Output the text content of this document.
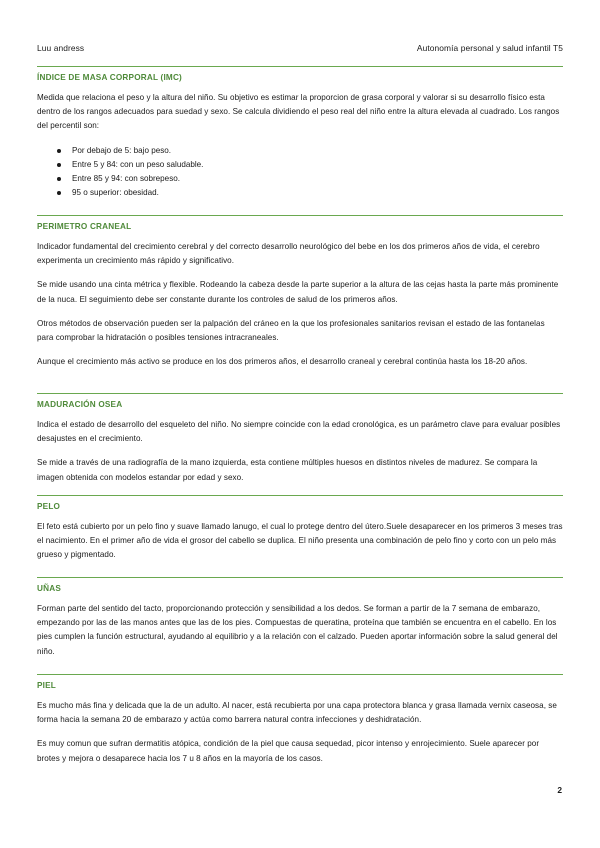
Luu andress	Autonomía personal y salud infantil T5
ÍNDICE DE MASA CORPORAL (IMC)

Medida que relaciona el peso y la altura del niño. Su objetivo es estimar la proporcion de grasa corporal y valorar si su desarrollo físico esta dentro de los rangos adecuados para suedad y sexo. Se calcula dividiendo el peso real del niño entre la altura elevada al cuadrado. Los rangos del percentil son:

Por debajo de 5: bajo peso.
Entre 5 y 84: con un peso saludable.
Entre 85 y 94: con sobrepeso.
95 o superior: obesidad.
PERIMETRO CRANEAL

Indicador fundamental del crecimiento cerebral y del correcto desarrollo neurológico del bebe en los dos primeros años de vida, el cerebro experimenta un crecimiento más rápido y significativo.

Se mide usando una cinta métrica y flexible. Rodeando la cabeza desde la parte superior a la altura de las cejas hasta la parte más prominente de la nuca. El seguimiento debe ser constante durante los controles de salud de los primeros años.

Otros métodos de observación pueden ser la palpación del cráneo en la que los profesionales sanitarios revisan el estado de las fontanelas para comprobar la hidratación o posibles tensiones intracraneales.

Aunque el crecimiento más activo se produce en los dos primeros años, el desarrollo craneal y cerebral continúa hasta los 18-20 años.

MADURACIÓN OSEA

Indica el estado de desarrollo del esqueleto del niño. No siempre coincide con la edad cronológica, es un parámetro clave para evaluar posibles desajustes en el crecimiento.

Se mide a través de una radiografía de la mano izquierda, esta contiene múltiples huesos en distintos niveles de madurez. Se compara la imagen obtenida con modelos estandar por edad y sexo.

PELO

El feto está cubierto por un pelo fino y suave llamado lanugo, el cual lo protege dentro del útero.Suele desaparecer en los primeros 3 meses tras el nacimiento. En el primer año de vida el grosor del cabello se duplica. El niño presenta una combinación de pelo fino y corto con un pelo más grueso y pigmentado.

UÑAS

Forman parte del sentido del tacto, proporcionando protección y sensibilidad a los dedos. Se forman a partir de la 7 semana de embarazo, empezando por las de las manos antes que las de los pies. Compuestas de queratina, proteína que también se encuentra en el cabello. En los pies cumplen la función estructural, ayudando al equilibrio y a la relación con el calzado. Pueden aportar información sobre la salud general del niño.

PIEL

Es mucho más fina y delicada que la de un adulto. Al nacer, está recubierta por una capa protectora blanca y grasa llamada vernix caseosa, se forma hacia la semana 20 de embarazo y actúa como barrera natural contra infecciones y deshidratación.

Es muy comun que sufran dermatitis atópica, condición de la piel que causa sequedad, picor intenso y enrojecimiento. Suele aparecer por brotes y mejora o desaparece hacia los 7 u 8 años en la mayoría de los casos.

2
